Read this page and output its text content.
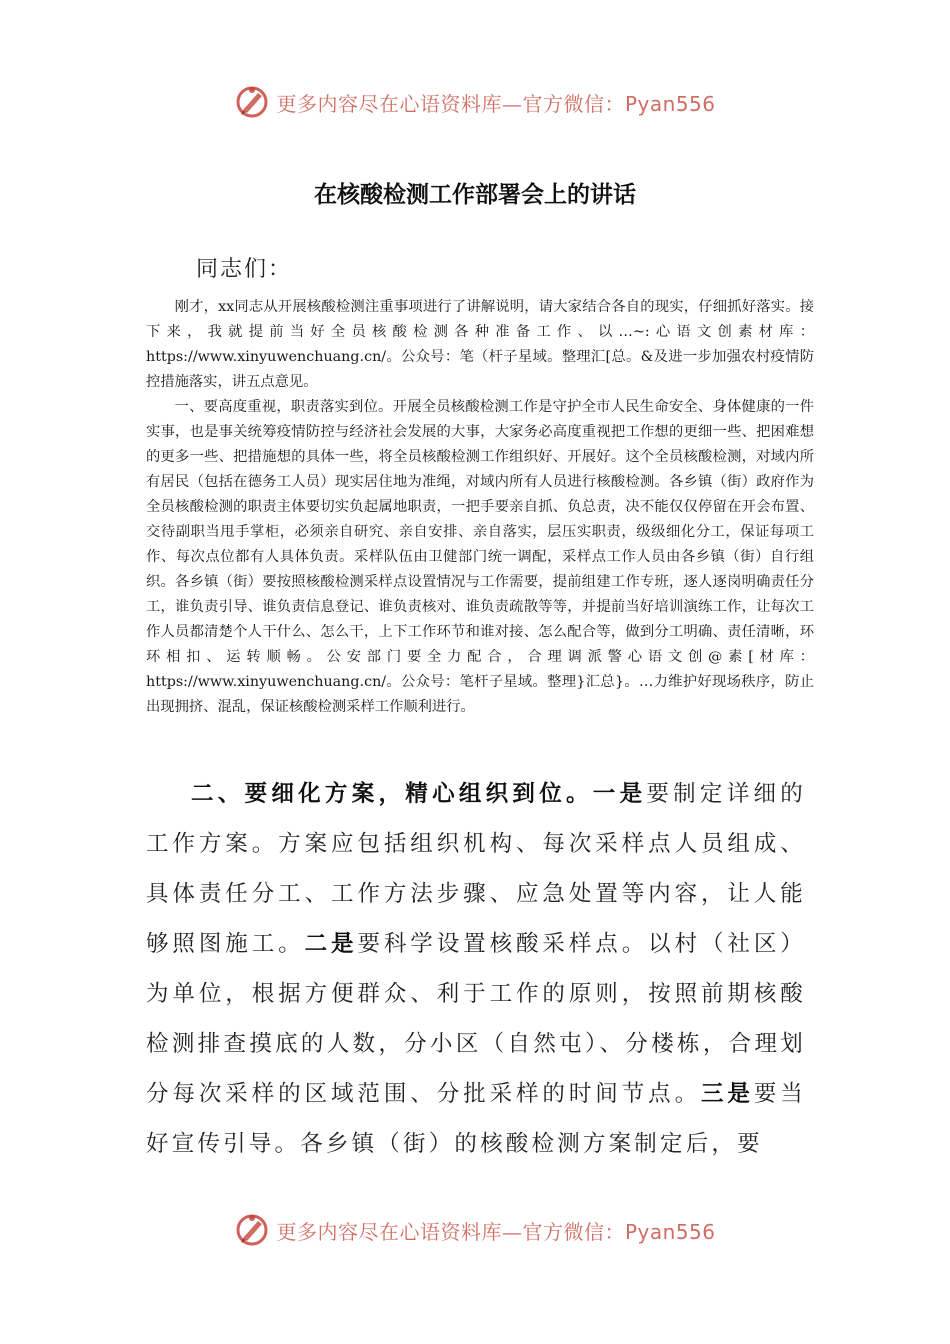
更多内容尽在心语资料库—官方微信：Pyan556
在核酸检测工作部署会上的讲话
同志们：

刚才，xx同志从开展核酸检测注重事项进行了讲解说明，请大家结合各自的现实，仔细抓好落实。接下来，我就提前当好全员核酸检测各种准备工作、以…~:心语文创素材库：https://www.xinyuwenchuang.cn/。公众号：笔（杆子星域。整理汇[总。&及进一步加强农村疫情防控措施落实，讲五点意见。

一、要高度重视，职责落实到位。开展全员核酸检测工作是守护全市人民生命安全、身体健康的一件实事，也是事关统筹疫情防控与经济社会发展的大事，大家务必高度重视把工作想的更细一些、把困难想的更多一些、把措施想的具体一些，将全员核酸检测工作组织好、开展好。这个全员核酸检测，对域内所有居民（包括在德务工人员）现实居住地为准绳，对域内所有人员进行核酸检测。各乡镇（街）政府作为全员核酸检测的职责主体要切实负起属地职责，一把手要亲自抓、负总责，决不能仅仅停留在开会布置、交待副职当甩手掌柜，必须亲自研究、亲自安排、亲自落实，层压实职责，级级细化分工，保证每项工作、每次点位都有人具体负责。采样队伍由卫健部门统一调配，采样点工作人员由各乡镇（街）自行组织。各乡镇（街）要按照核酸检测采样点设置情况与工作需要，提前组建工作专班，逐人逐岗明确责任分工，谁负责引导、谁负责信息登记、谁负责核对、谁负责疏散等等，并提前当好培训演练工作，让每次工作人员都清楚个人干什么、怎么干，上下工作环节和谁对接、怎么配合等，做到分工明确、责任清晰，环环相扣、运转顺畅。公安部门要全力配合，合理调派警心语文创@素[材库：https://www.xinyuwenchuang.cn/。公众号：笔杆子星域。整理}汇总}。…力维护好现场秩序，防止出现拥挤、混乱，保证核酸检测采样工作顺利进行。

二、要细化方案，精心组织到位。一是要制定详细的工作方案。方案应包括组织机构、每次采样点人员组成、具体责任分工、工作方法步骤、应急处置等内容，让人能够照图施工。二是要科学设置核酸采样点。以村（社区）为单位，根据方便群众、利于工作的原则，按照前期核酸检测排查摸底的人数，分小区（自然屯）、分楼栋，合理划分每次采样的区域范围、分批采样的时间节点。三是要当好宣传引导。各乡镇（街）的核酸检测方案制定后，要

更多内容尽在心语资料库—官方微信：Pyan556
